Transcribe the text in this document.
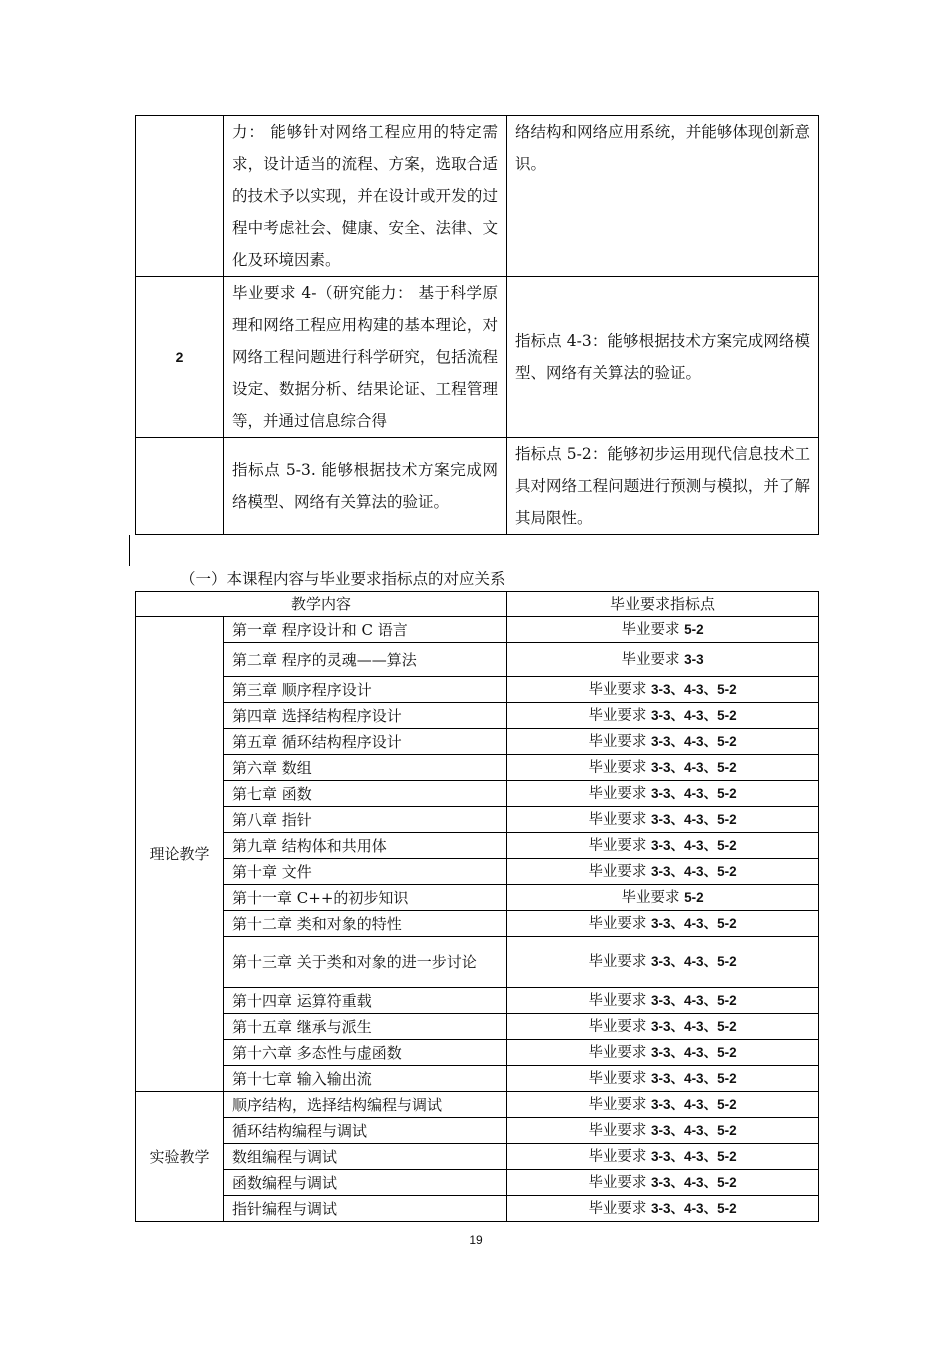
	力： 能够针对网络工程应用的特定需求，设计适当的流程、方案，选取合适的技术予以实现，并在设计或开发的过程中考虑社会、健康、安全、法律、文化及环境因素。	络结构和网络应用系统，并能够体现创新意识。
2	毕业要求 4-（研究能力： 基于科学原理和网络工程应用构建的基本理论，对网络工程问题进行科学研究，包括流程设定、数据分析、结果论证、工程管理等，并通过信息综合得	指标点 4-3：能够根据技术方案完成网络模型、网络有关算法的验证。
	指标点 5-3. 能够根据技术方案完成网络模型、网络有关算法的验证。	指标点 5-2：能够初步运用现代信息技术工具对网络工程问题进行预测与模拟，并了解其局限性。
（一）本课程内容与毕业要求指标点的对应关系
教学内容		毕业要求指标点
理论教学	第一章 程序设计和 C 语言	毕业要求 5-2
	第二章 程序的灵魂——算法	毕业要求 3-3
	第三章 顺序程序设计	毕业要求 3-3、4-3、5-2
	第四章 选择结构程序设计	毕业要求 3-3、4-3、5-2
	第五章 循环结构程序设计	毕业要求 3-3、4-3、5-2
	第六章 数组	毕业要求 3-3、4-3、5-2
	第七章 函数	毕业要求 3-3、4-3、5-2
	第八章 指针	毕业要求 3-3、4-3、5-2
	第九章 结构体和共用体	毕业要求 3-3、4-3、5-2
	第十章 文件	毕业要求 3-3、4-3、5-2
	第十一章 C++的初步知识	毕业要求 5-2
	第十二章 类和对象的特性	毕业要求 3-3、4-3、5-2
	第十三章 关于类和对象的进一步讨论	毕业要求 3-3、4-3、5-2
	第十四章 运算符重载	毕业要求 3-3、4-3、5-2
	第十五章 继承与派生	毕业要求 3-3、4-3、5-2
	第十六章 多态性与虚函数	毕业要求 3-3、4-3、5-2
	第十七章 输入输出流	毕业要求 3-3、4-3、5-2
实验教学	顺序结构，选择结构编程与调试	毕业要求 3-3、4-3、5-2
	循环结构编程与调试	毕业要求 3-3、4-3、5-2
	数组编程与调试	毕业要求 3-3、4-3、5-2
	函数编程与调试	毕业要求 3-3、4-3、5-2
	指针编程与调试	毕业要求 3-3、4-3、5-2
19
